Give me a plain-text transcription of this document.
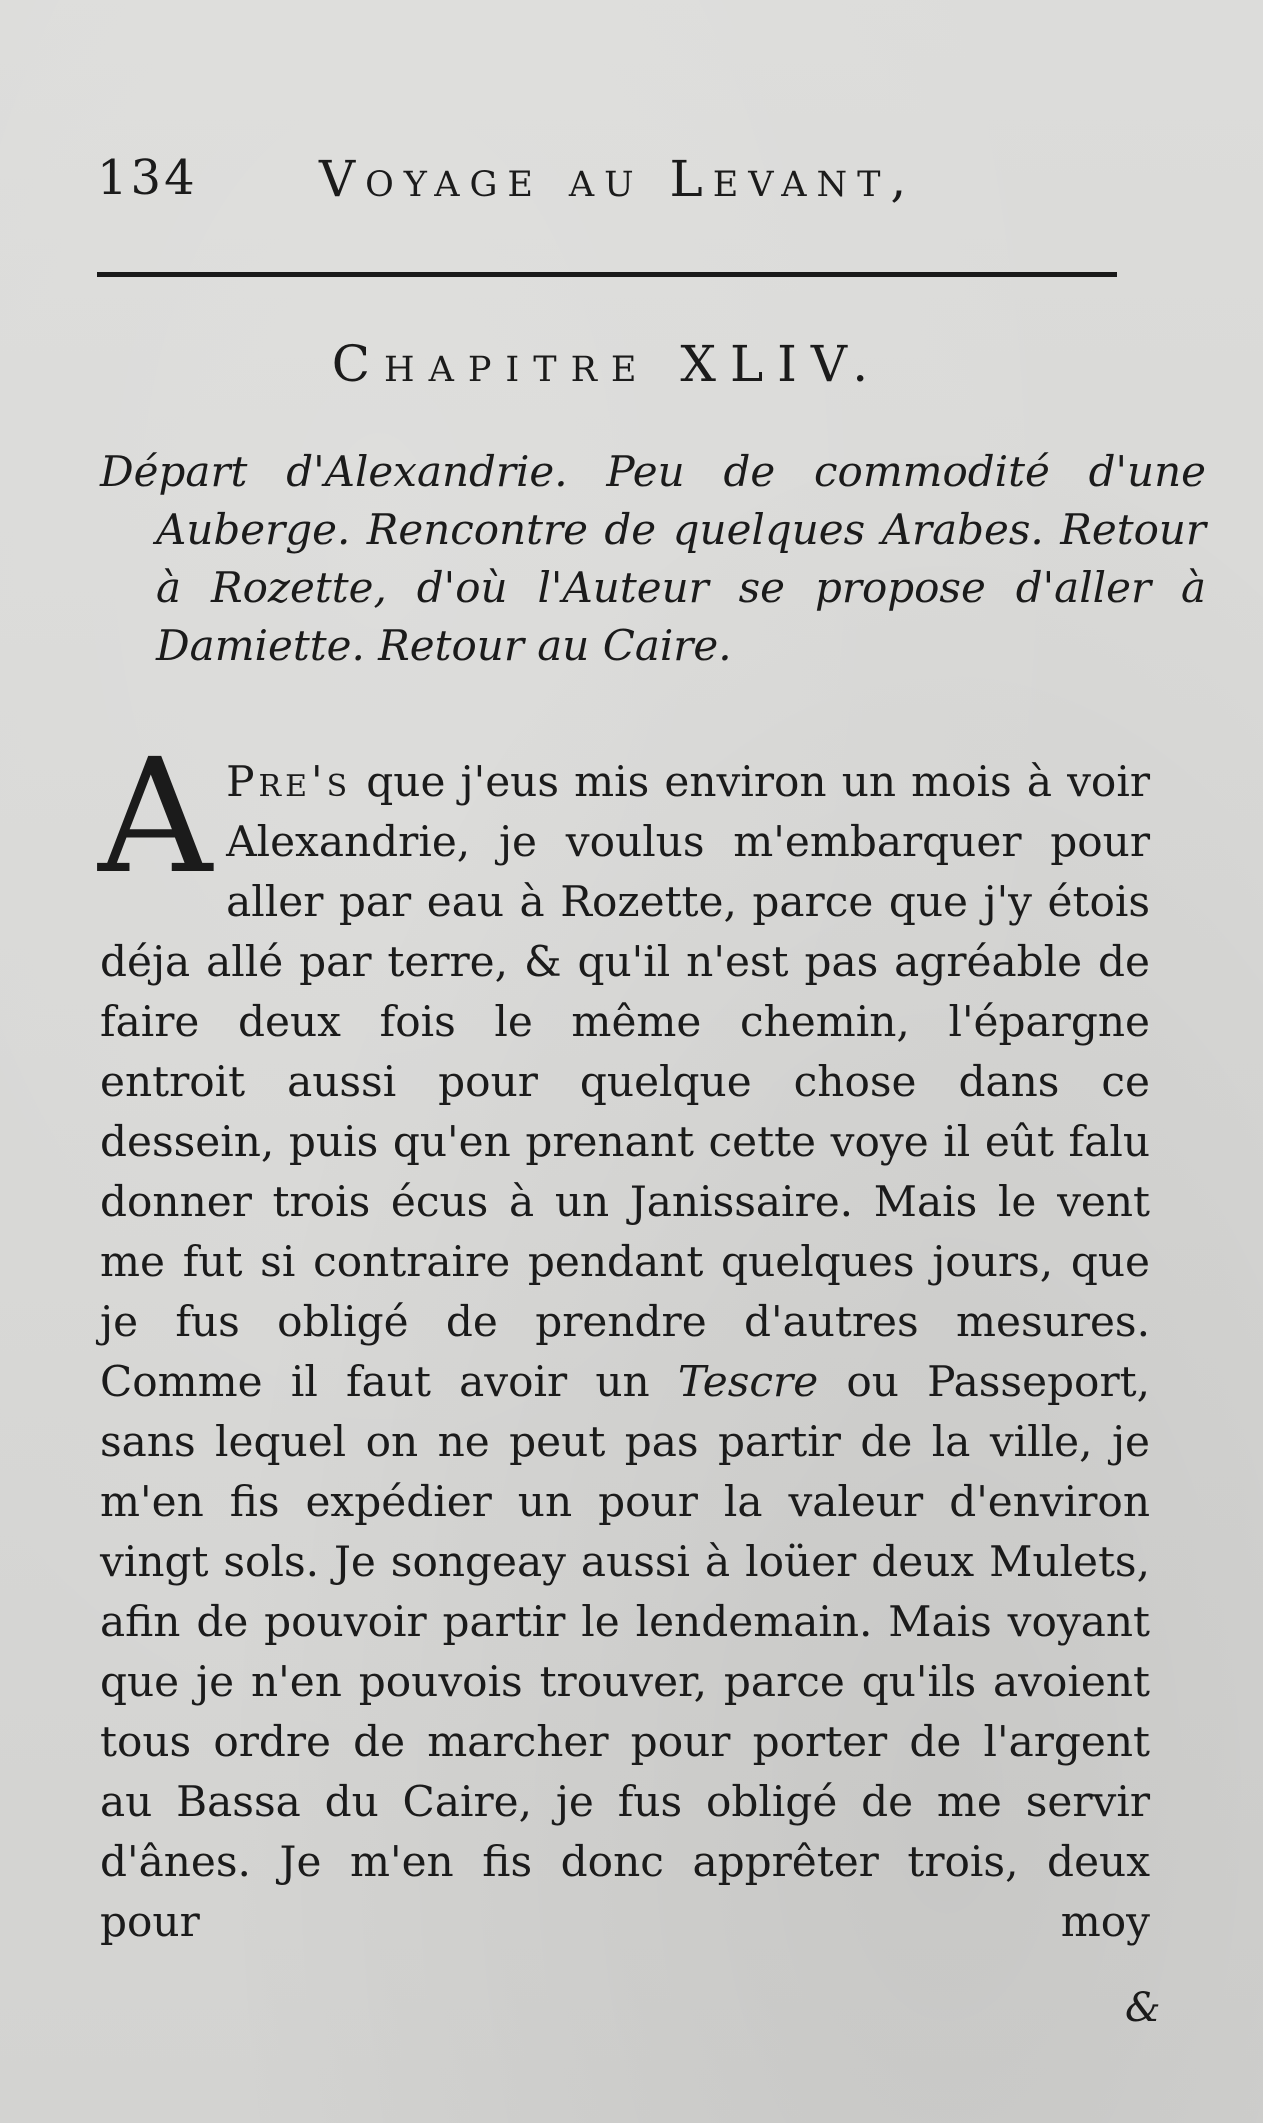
134 Voyage au Levant,
Chapitre XLIV.
Départ d'Alexandrie. Peu de commodité d'une Auberge. Rencontre de quelques Arabes. Retour à Rozette, d'où l'Auteur se propose d'aller à Damiette. Retour au Caire.
A Pre's que j'eus mis environ un mois à voir Alexandrie, je voulus m'embarquer pour aller par eau à Rozette, parce que j'y étois déja allé par terre, & qu'il n'est pas agréable de faire deux fois le même chemin, l'épargne entroit aussi pour quelque chose dans ce dessein, puis qu'en prenant cette voye il eût falu donner trois écus à un Janissaire. Mais le vent me fut si contraire pendant quelques jours, que je fus obligé de prendre d'autres mesures. Comme il faut avoir un Tescre ou Passeport, sans lequel on ne peut pas partir de la ville, je m'en fis expédier un pour la valeur d'environ vingt sols. Je songeay aussi à loüer deux Mulets, afin de pouvoir partir le lendemain. Mais voyant que je n'en pouvois trouver, parce qu'ils avoient tous ordre de marcher pour porter de l'argent au Bassa du Caire, je fus obligé de me servir d'ânes. Je m'en fis donc apprêter trois, deux pour moy
&
